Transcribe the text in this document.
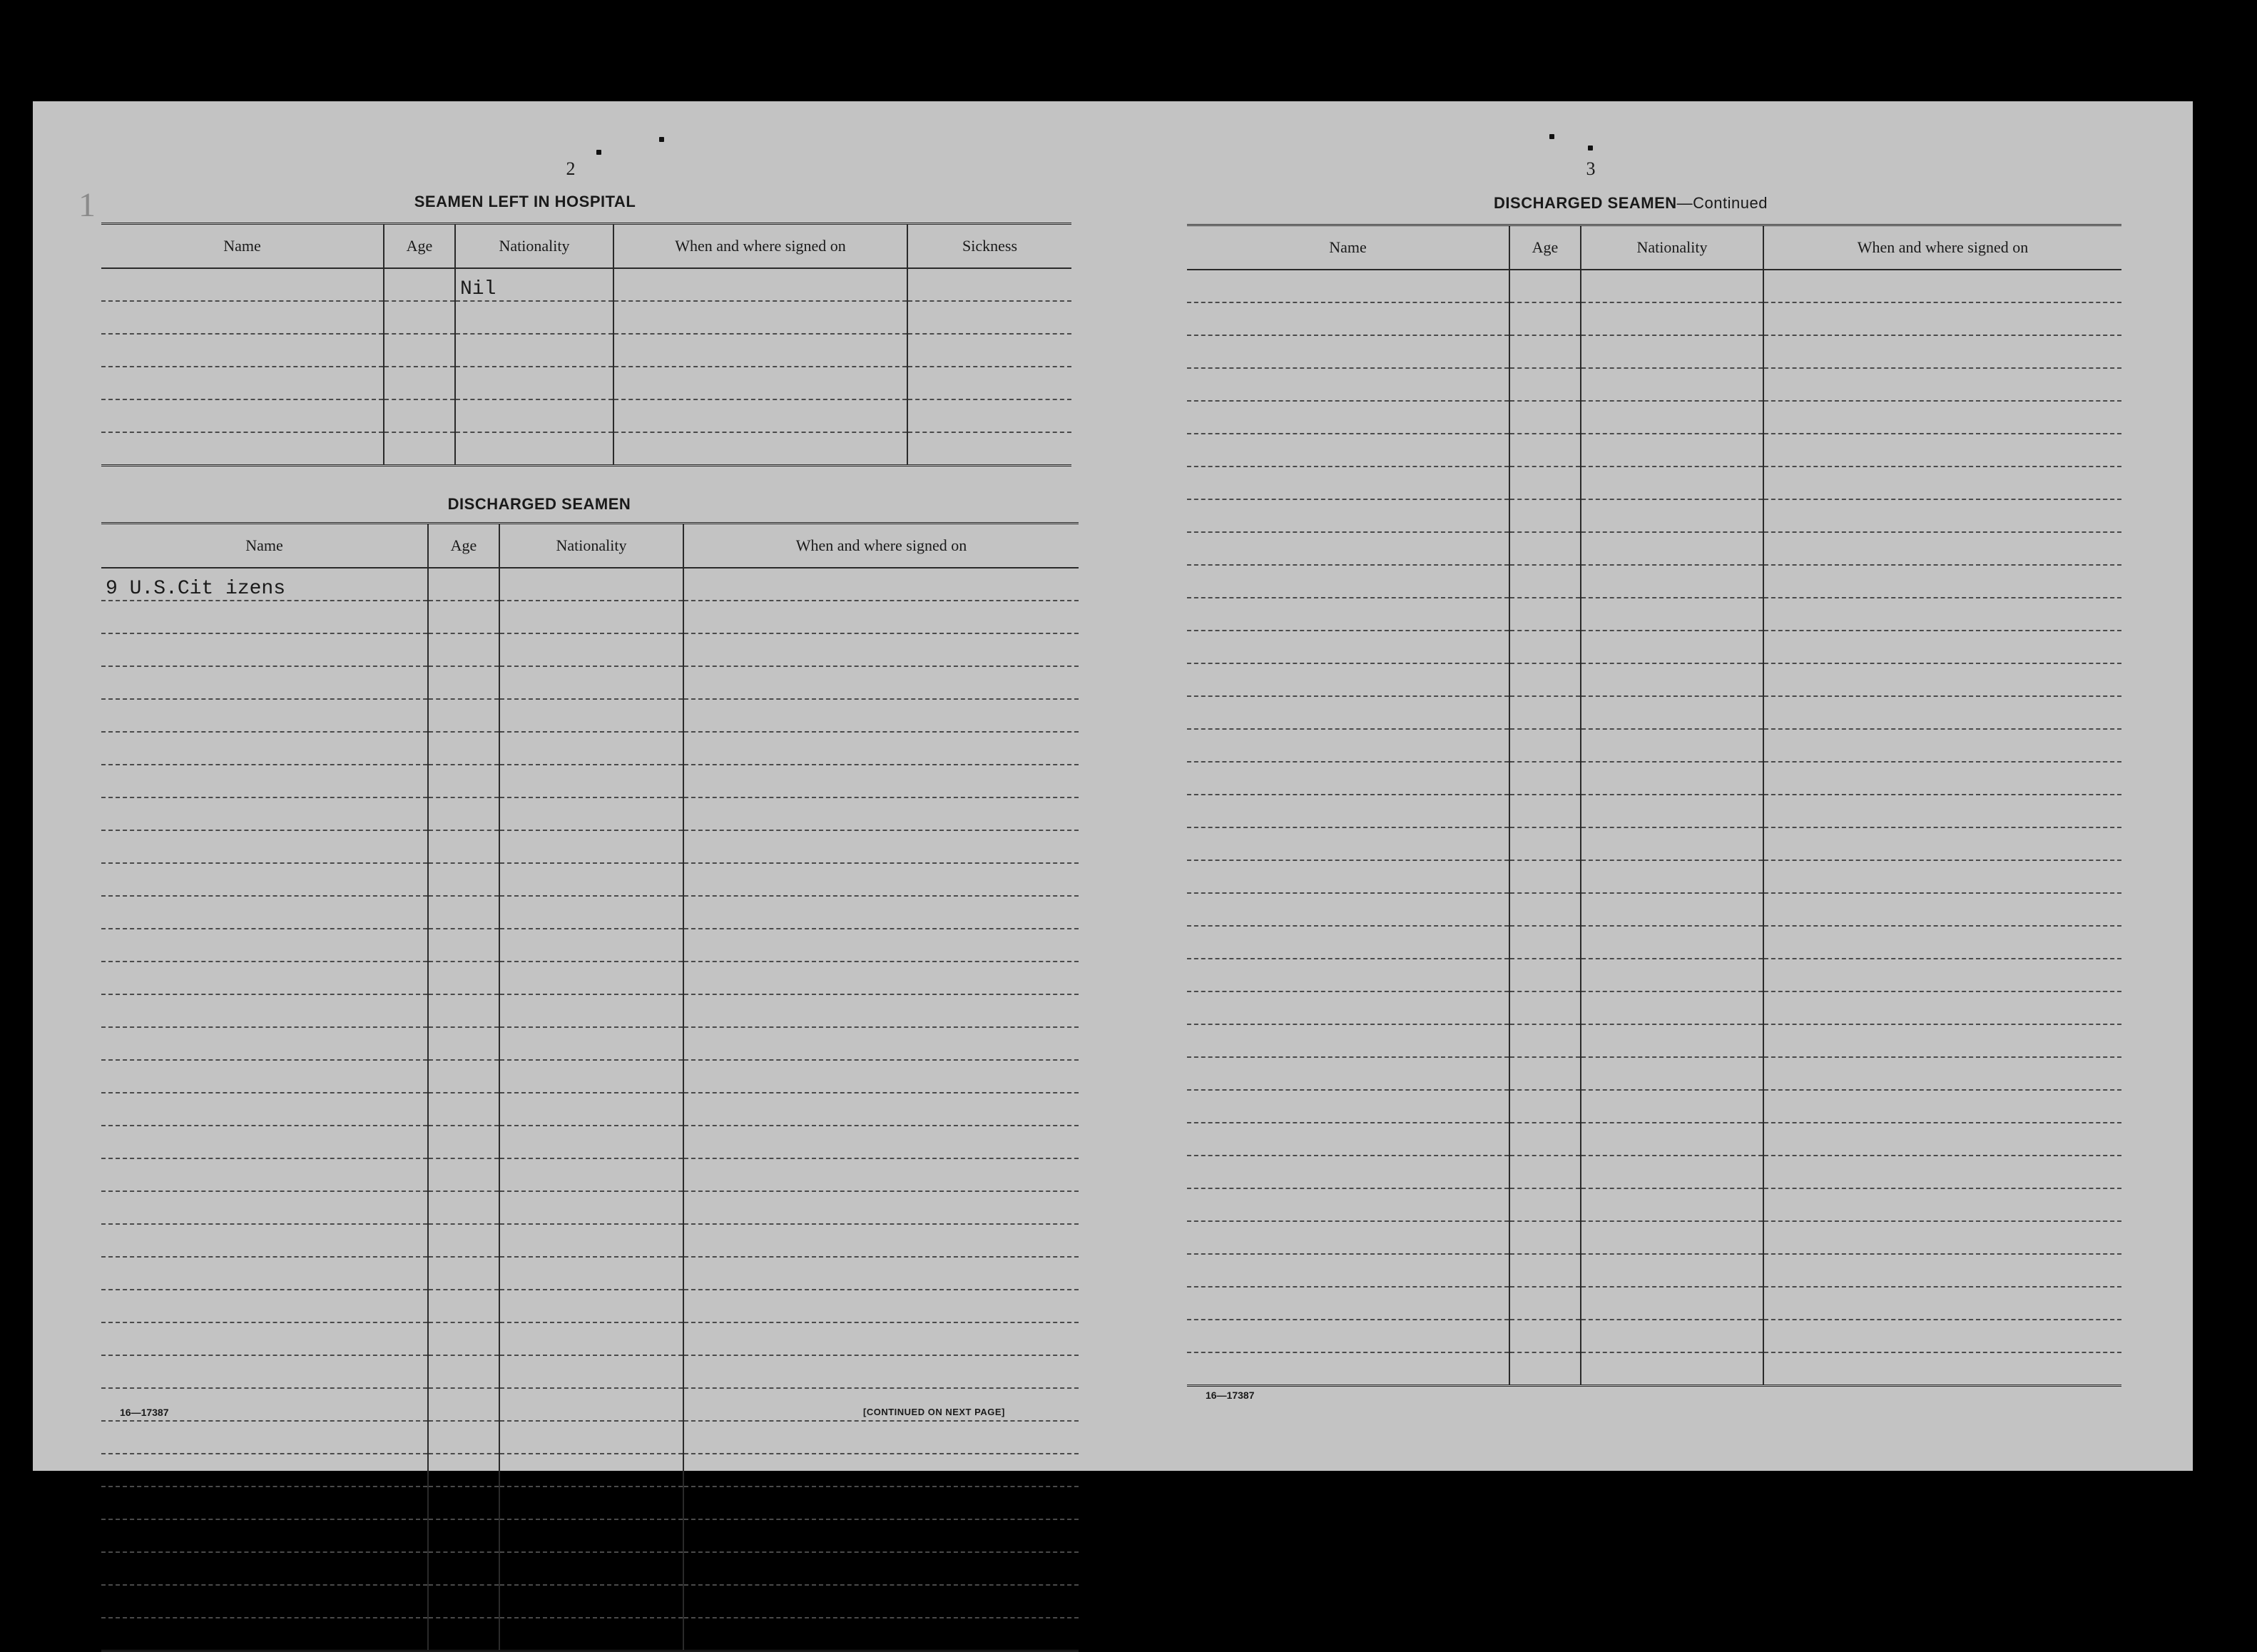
1
2
SEAMEN LEFT IN HOSPITAL
Name	Age	Nationality	When and where signed on	Sickness
		Nil		

DISCHARGED SEAMEN
Name	Age	Nationality	When and where signed on
9 U.S.Cit izens			

16—17387	[CONTINUED ON NEXT PAGE]
3
DISCHARGED SEAMEN—Continued
Name	Age	Nationality	When and where signed on

16—17387
